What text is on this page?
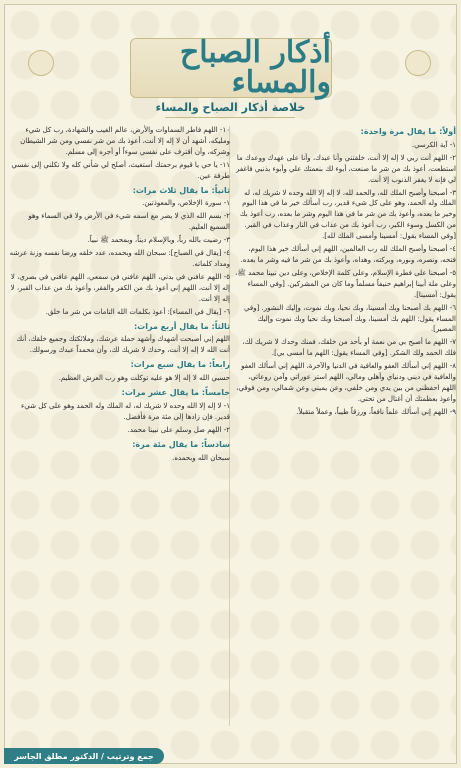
أذكار الصباح والمساء
خلاصة أذكار الصباح والمساء
أولاً: ما يقال مرة واحدة:
١- آية الكرسي.
٢- اللهم أنت ربي لا إله إلا أنت، خلقتني وأنا عبدك، وأنا على عهدك ووعدك ما استطعت، أعوذ بك من شر ما صنعت، أبوء لك بنعمتك علي وأبوء بذنبي فاغفر لي فإنه لا يغفر الذنوب إلا أنت.
٣- أصبحنا وأصبح الملك لله، والحمد لله، لا إله إلا الله وحده لا شريك له، له الملك وله الحمد، وهو على كل شيء قدير، رب أسألك خير ما في هذا اليوم وخير ما بعده، وأعوذ بك من شر ما في هذا اليوم وشر ما بعده، رب أعوذ بك من الكسل وسوء الكبر، رب أعوذ بك من عذاب في النار وعذاب في القبر. [وفي المساء يقول: أمسينا وأمسى الملك لله].
٤- أصبحنا وأصبح الملك لله رب العالمين، اللهم إني أسألك خير هذا اليوم، فتحه، ونصره، ونوره، وبركته، وهداه، وأعوذ بك من شر ما فيه وشر ما بعده.
٥- أصبحنا على فطرة الإسلام، وعلى كلمة الإخلاص، وعلى دين نبينا محمد ﷺ، وعلى ملة أبينا إبراهيم حنيفاً مسلماً وما كان من المشركين. [وفي المساء يقول: أمسينا].
٦- اللهم بك أصبحنا وبك أمسينا، وبك نحيا، وبك نموت، وإليك النشور. [وفي المساء يقول: اللهم بك أمسينا، وبك أصبحنا وبك نحيا وبك نموت وإليك المصير].
٧- اللهم ما أصبح بي من نعمة أو بأحد من خلقك، فمنك وحدك لا شريك لك، فلك الحمد ولك الشكر. [وفي المساء يقول: اللهم ما أمسى بي].
٨- اللهم إني أسألك العفو والعافية في الدنيا والآخرة، اللهم إني أسألك العفو والعافية في ديني ودنياي وأهلي ومالي، اللهم استر عوراتي وآمن روعاتي، اللهم احفظني من بين يدي ومن خلفي، وعن يميني وعن شمالي، ومن فوقي، وأعوذ بعظمتك أن أغتال من تحتي.
٩- اللهم إني أسألك علماً نافعاً، ورزقاً طيباً، وعملاً متقبلاً.
١٠- اللهم فاطر السماوات والأرض، عالم الغيب والشهادة، رب كل شيء ومليكه، أشهد أن لا إله إلا أنت، أعوذ بك من شر نفسي ومن شر الشيطان وشركه، وأن أقترف على نفسي سوءاً أو أجره إلى مسلم.
١١- يا حي يا قيوم برحمتك أستغيث، أصلح لي شأني كله ولا تكلني إلى نفسي طرفة عين.
ثانياً: ما يقال ثلاث مرات:
١- سورة الإخلاص، والمعوذتين.
٢- بسم الله الذي لا يضر مع اسمه شيء في الأرض ولا في السماء وهو السميع العليم.
٣- رضيت بالله رباً، وبالإسلام ديناً، وبمحمد ﷺ نبياً.
٤- [يقال في الصباح]: سبحان الله وبحمده، عدد خلقه ورضا نفسه وزنة عرشه ومداد كلماته.
٥- اللهم عافني في بدني، اللهم عافني في سمعي، اللهم عافني في بصري، لا إله إلا أنت، اللهم إني أعوذ بك من الكفر والفقر، وأعوذ بك من عذاب القبر، لا إله إلا أنت.
٦- [يقال في المساء]: أعوذ بكلمات الله التامات من شر ما خلق.
ثالثاً: ما يقال أربع مرات:
اللهم إني أصبحت أشهدك وأشهد حملة عرشك، وملائكتك وجميع خلقك، أنك أنت الله لا إله إلا أنت، وحدك لا شريك لك، وأن محمداً عبدك ورسولك.
رابعاً: ما يقال سبع مرات:
حسبي الله لا إله إلا هو عليه توكلت وهو رب العرش العظيم.
خامساً: ما يقال عشر مرات:
١- لا إله إلا الله وحده لا شريك له، له الملك وله الحمد وهو على كل شيء قدير. فإن زادها إلى مئة مرة فأفضل.
٢- اللهم صل وسلم على نبينا محمد.
سادساً: ما يقال مئة مرة:
سبحان الله وبحمده.
جمع وترتيب / الدكتور مطلق الجاسر
